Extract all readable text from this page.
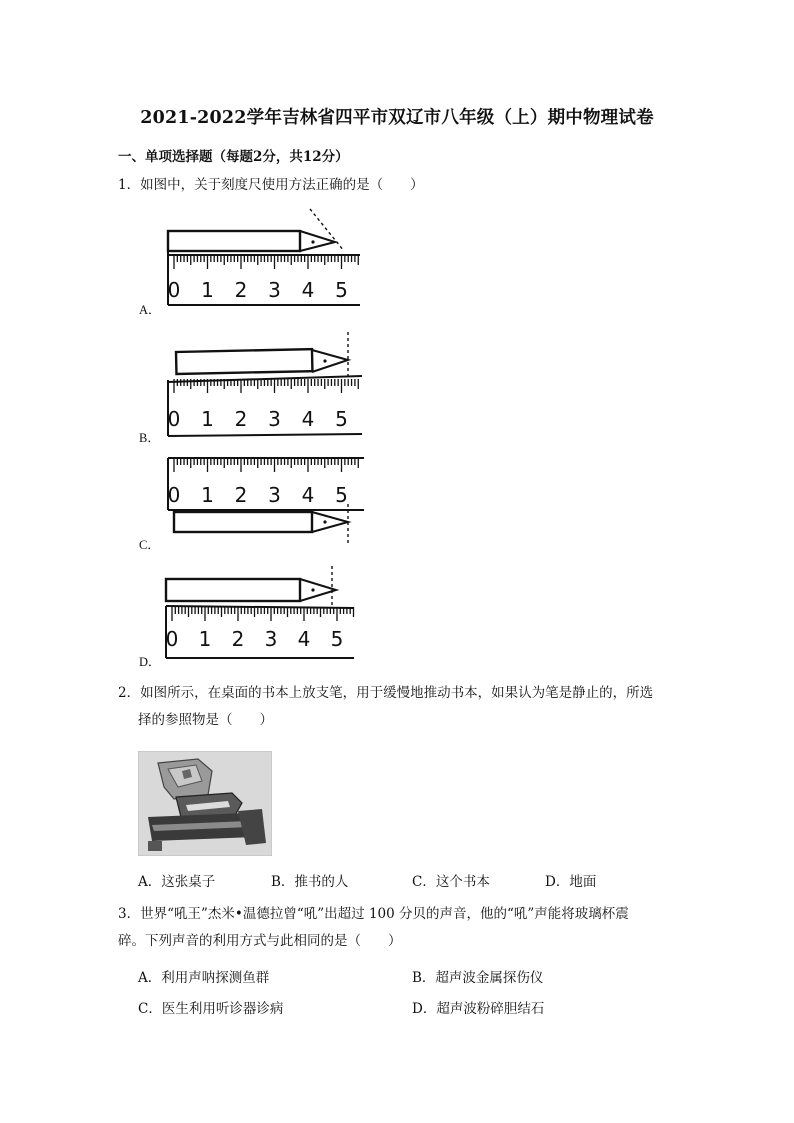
2021-2022学年吉林省四平市双辽市八年级（上）期中物理试卷
一、单项选择题（每题2分，共12分）
1．如图中，关于刻度尺使用方法正确的是（　　）
0 1 2 3 4 5
A．
0 1 2 3 4 5
B．
0 1 2 3 4 5
C．
0 1 2 3 4 5
D．
2．如图所示，在桌面的书本上放支笔，用于缓慢地推动书本，如果认为笔是静止的，所选
择的参照物是（　　）
A．这张桌子	B．推书的人	C．这个书本	D．地面
3．世界“吼王”杰米•温德拉曾“吼”出超过 100 分贝的声音，他的“吼”声能将玻璃杯震
碎。下列声音的利用方式与此相同的是（　　）
A．利用声呐探测鱼群	B．超声波金属探伤仪
C．医生利用听诊器诊病	D．超声波粉碎胆结石
